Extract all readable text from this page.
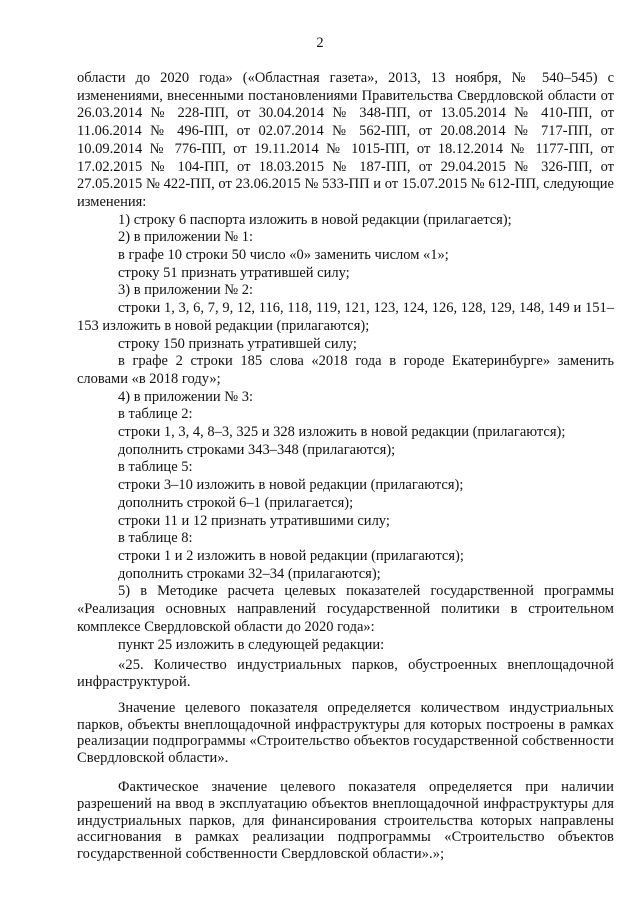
2

области до 2020 года» («Областная газета», 2013, 13 ноября, № 540–545) с изменениями, внесенными постановлениями Правительства Свердловской области от 26.03.2014 № 228-ПП, от 30.04.2014 № 348-ПП, от 13.05.2014 № 410-ПП, от 11.06.2014 № 496-ПП, от 02.07.2014 № 562-ПП, от 20.08.2014 № 717-ПП, от 10.09.2014 № 776-ПП, от 19.11.2014 № 1015-ПП, от 18.12.2014 № 1177-ПП, от 17.02.2015 № 104-ПП, от 18.03.2015 № 187-ПП, от 29.04.2015 № 326-ПП, от 27.05.2015 № 422-ПП, от 23.06.2015 № 533-ПП и от 15.07.2015 № 612-ПП, следующие изменения:

1) строку 6 паспорта изложить в новой редакции (прилагается);

2) в приложении № 1:

в графе 10 строки 50 число «0» заменить числом «1»;

строку 51 признать утратившей силу;

3) в приложении № 2:

строки 1, 3, 6, 7, 9, 12, 116, 118, 119, 121, 123, 124, 126, 128, 129, 148, 149 и 151–153 изложить в новой редакции (прилагаются);

строку 150 признать утратившей силу;

в графе 2 строки 185 слова «2018 года в городе Екатеринбурге» заменить словами «в 2018 году»;

4) в приложении № 3:

в таблице 2:

строки 1, 3, 4, 8–3, 325 и 328 изложить в новой редакции (прилагаются);

дополнить строками 343–348 (прилагаются);

в таблице 5:

строки 3–10 изложить в новой редакции (прилагаются);

дополнить строкой 6–1 (прилагается);

строки 11 и 12 признать утратившими силу;

в таблице 8:

строки 1 и 2 изложить в новой редакции (прилагаются);

дополнить строками 32–34 (прилагаются);

5) в Методике расчета целевых показателей государственной программы «Реализация основных направлений государственной политики в строительном комплексе Свердловской области до 2020 года»:

пункт 25 изложить в следующей редакции:

«25. Количество индустриальных парков, обустроенных внеплощадочной инфраструктурой.

Значение целевого показателя определяется количеством индустриальных парков, объекты внеплощадочной инфраструктуры для которых построены в рамках реализации подпрограммы «Строительство объектов государственной собственности Свердловской области».

Фактическое значение целевого показателя определяется при наличии разрешений на ввод в эксплуатацию объектов внеплощадочной инфраструктуры для индустриальных парков, для финансирования строительства которых направлены ассигнования в рамках реализации подпрограммы «Строительство объектов государственной собственности Свердловской области».»;
